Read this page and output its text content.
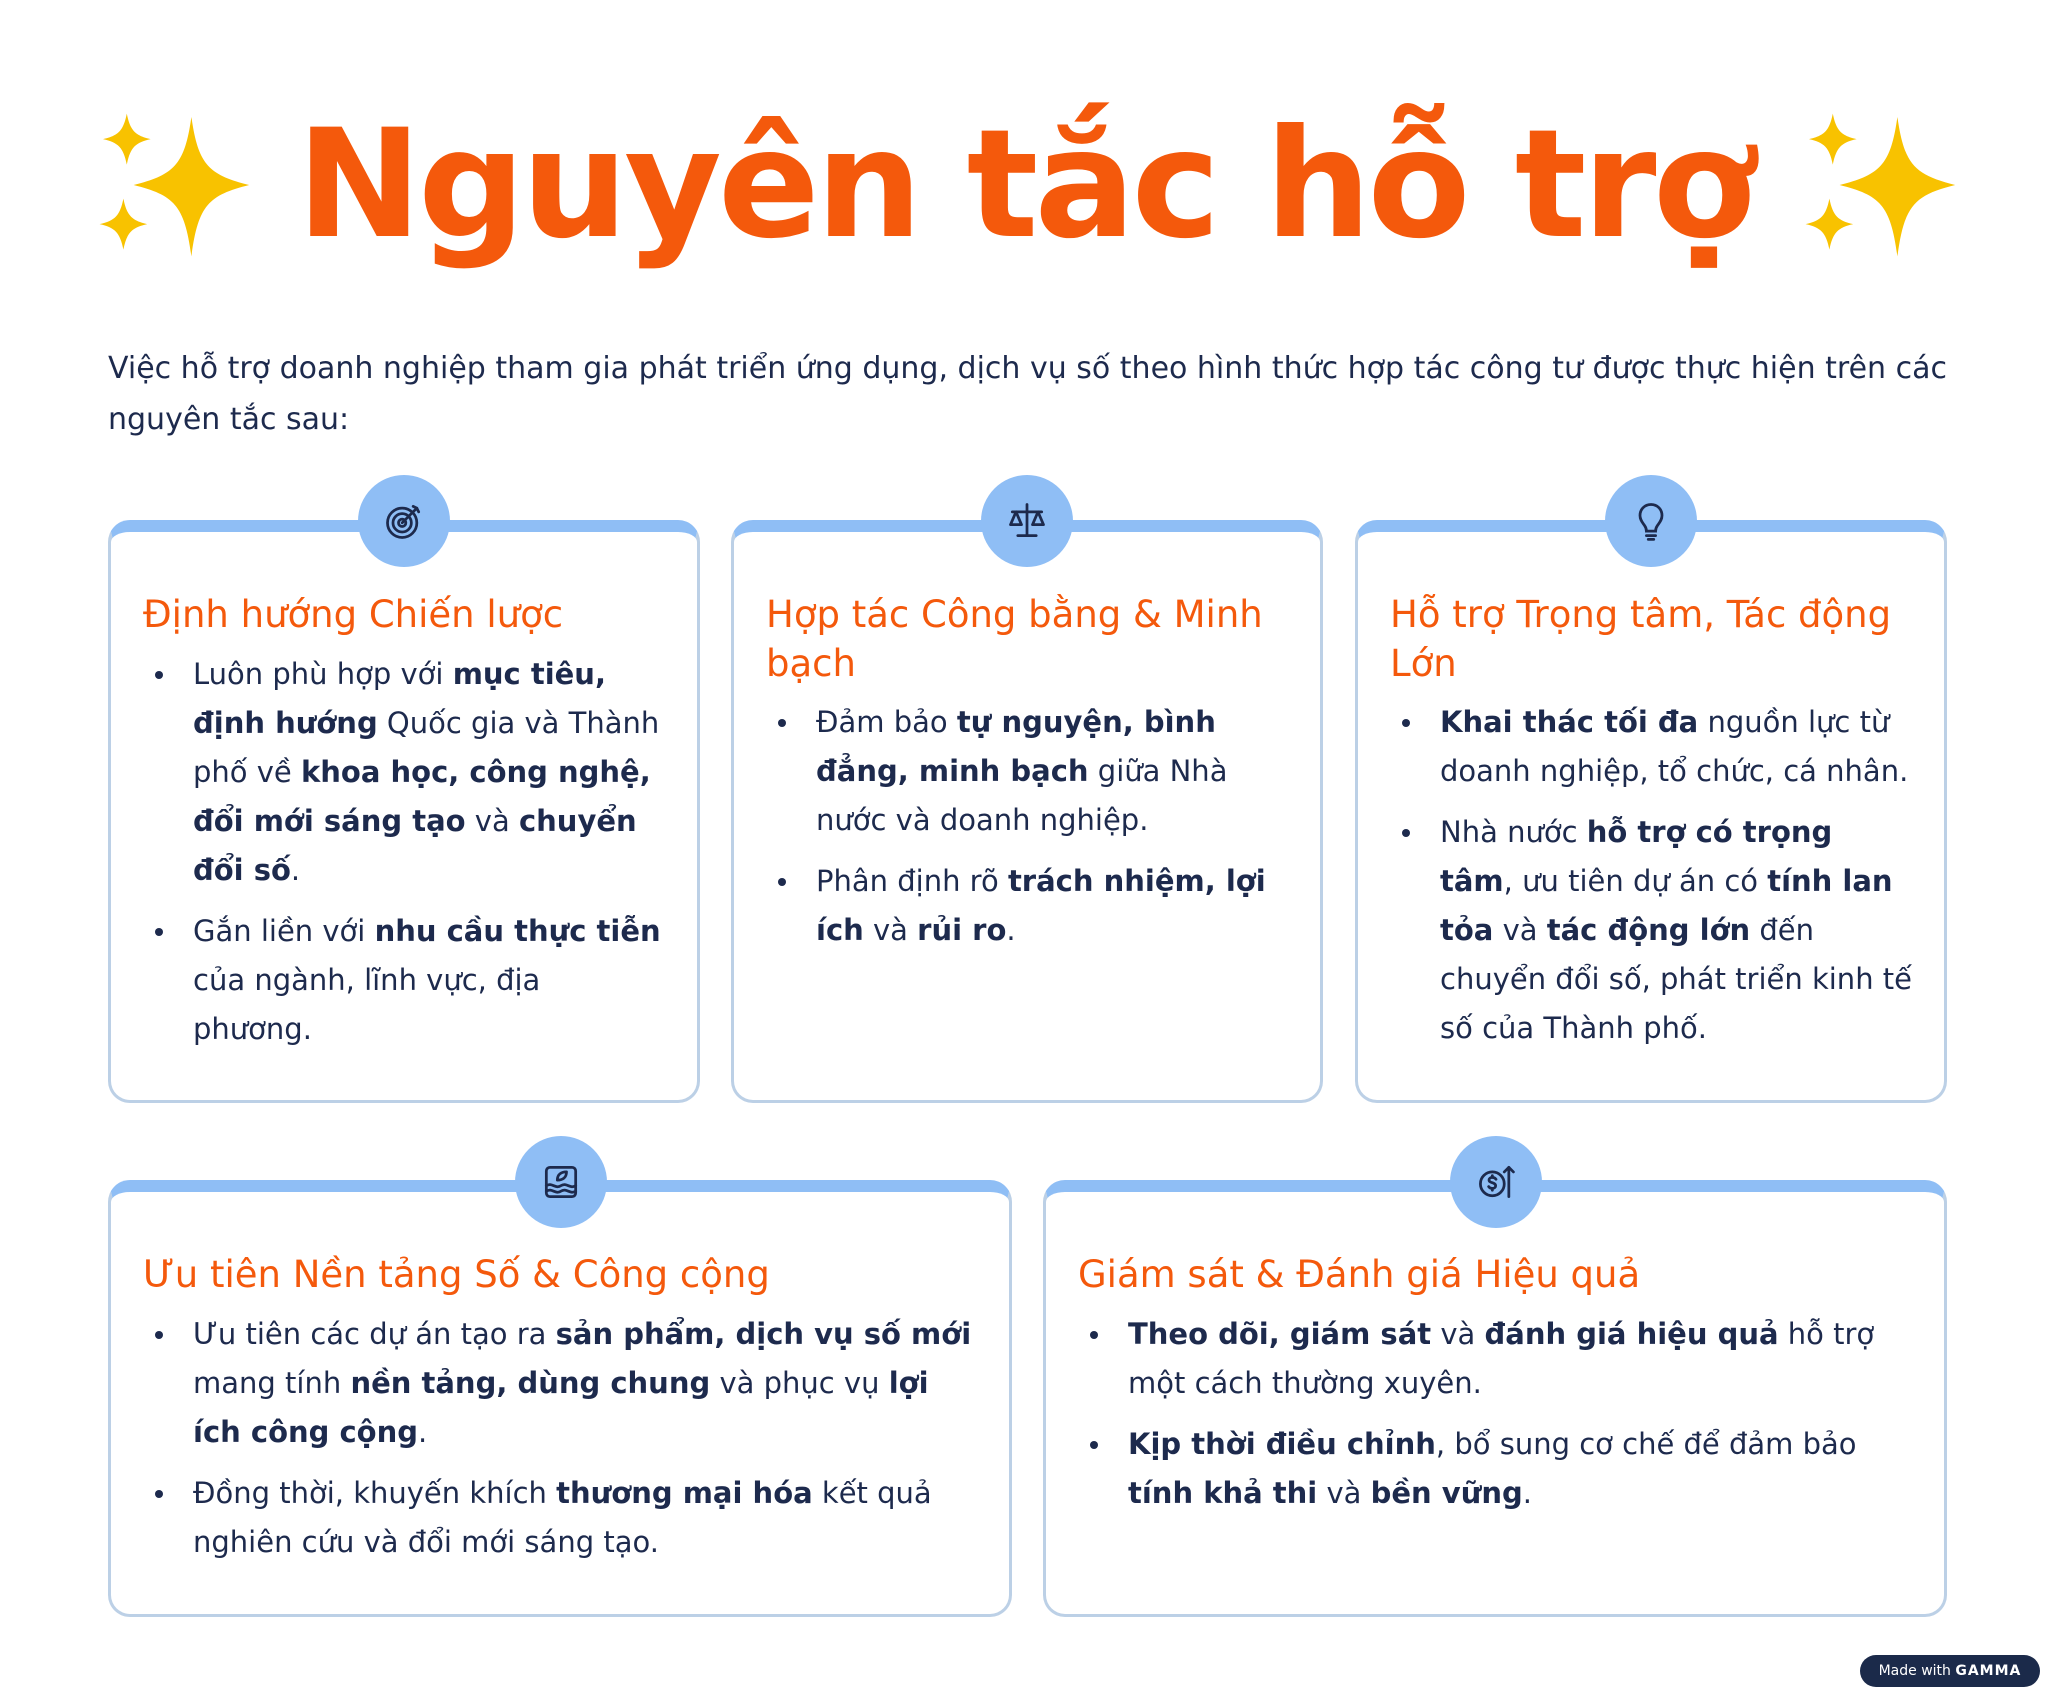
Nguyên tắc hỗ trợ
Việc hỗ trợ doanh nghiệp tham gia phát triển ứng dụng, dịch vụ số theo hình thức hợp tác công tư được thực hiện trên các nguyên tắc sau:
Định hướng Chiến lược
Luôn phù hợp với mục tiêu, định hướng Quốc gia và Thành phố về khoa học, công nghệ, đổi mới sáng tạo và chuyển đổi số.
Gắn liền với nhu cầu thực tiễn của ngành, lĩnh vực, địa phương.
Hợp tác Công bằng & Minh bạch
Đảm bảo tự nguyện, bình đẳng, minh bạch giữa Nhà nước và doanh nghiệp.
Phân định rõ trách nhiệm, lợi ích và rủi ro.
Hỗ trợ Trọng tâm, Tác động Lớn
Khai thác tối đa nguồn lực từ doanh nghiệp, tổ chức, cá nhân.
Nhà nước hỗ trợ có trọng tâm, ưu tiên dự án có tính lan tỏa và tác động lớn đến chuyển đổi số, phát triển kinh tế số của Thành phố.
Ưu tiên Nền tảng Số & Công cộng
Ưu tiên các dự án tạo ra sản phẩm, dịch vụ số mới mang tính nền tảng, dùng chung và phục vụ lợi ích công cộng.
Đồng thời, khuyến khích thương mại hóa kết quả nghiên cứu và đổi mới sáng tạo.
Giám sát & Đánh giá Hiệu quả
Theo dõi, giám sát và đánh giá hiệu quả hỗ trợ một cách thường xuyên.
Kịp thời điều chỉnh, bổ sung cơ chế để đảm bảo tính khả thi và bền vững.
Made with GAMMA
